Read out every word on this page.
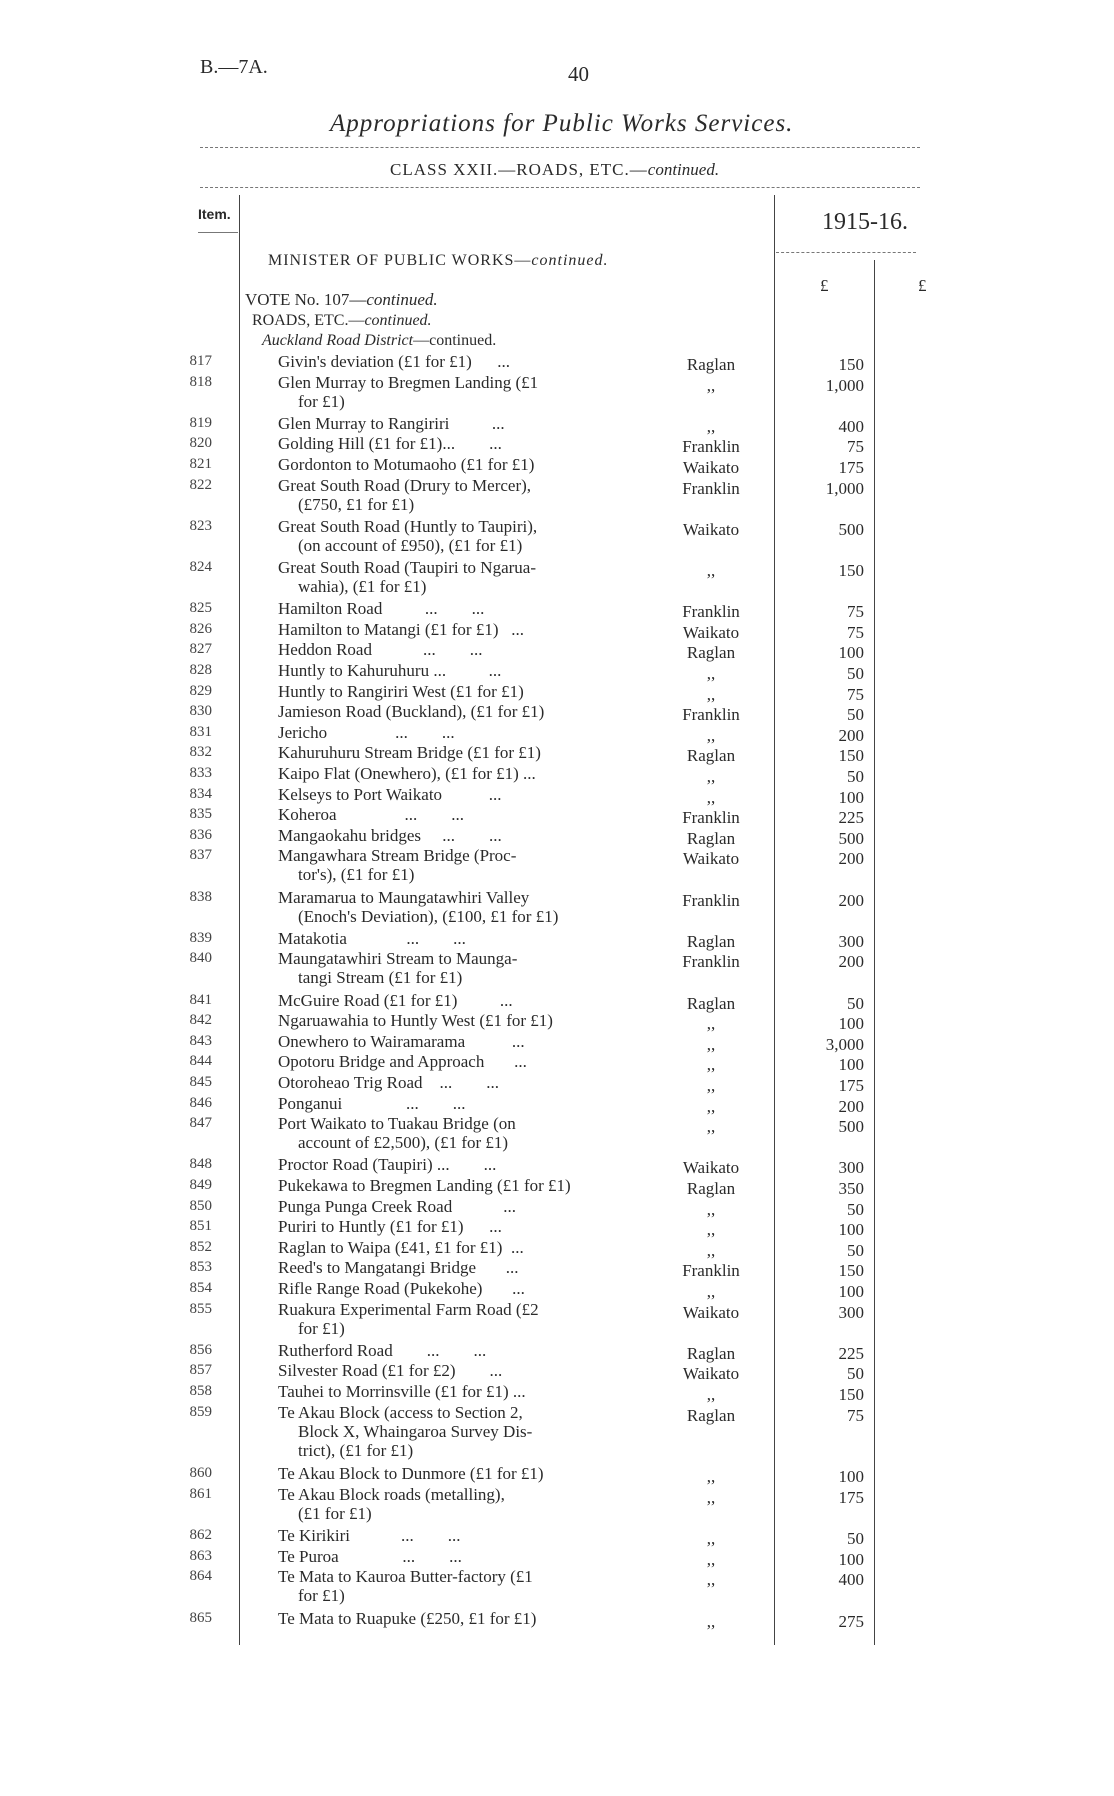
B.—7A.	40
Appropriations for Public Works Services.
CLASS XXII.—ROADS, ETC.—continued.
Item.	1915-16.
£	£
MINISTER OF PUBLIC WORKS—continued.
VOTE No. 107—continued.
ROADS, ETC.—continued.
Auckland Road District—continued.
817	Givin's deviation (£1 for £1)      ...	Raglan	150
818	Glen Murray to Bregmen Landing (£1
for £1)
,,	1,000
819	Glen Murray to Rangiriri          ...	,,	400
820	Golding Hill (£1 for £1)...        ...	Franklin	75
821	Gordonton to Motumaoho (£1 for £1)	Waikato	175
822	Great South Road (Drury to Mercer),
(£750, £1 for £1)
Franklin	1,000
823	Great South Road (Huntly to Taupiri),
(on account of £950), (£1 for £1)
Waikato	500
824	Great South Road (Taupiri to Ngarua-
wahia), (£1 for £1)
,,	150
825	Hamilton Road          ...        ...	Franklin	75
826	Hamilton to Matangi (£1 for £1)   ...	Waikato	75
827	Heddon Road            ...        ...	Raglan	100
828	Huntly to Kahuruhuru ...          ...	,,	50
829	Huntly to Rangiriri West (£1 for £1)	,,	75
830	Jamieson Road (Buckland), (£1 for £1)	Franklin	50
831	Jericho                ...        ...	,,	200
832	Kahuruhuru Stream Bridge (£1 for £1)	Raglan	150
833	Kaipo Flat (Onewhero), (£1 for £1) ...	,,	50
834	Kelseys to Port Waikato           ...	,,	100
835	Koheroa                ...        ...	Franklin	225
836	Mangaokahu bridges     ...        ...	Raglan	500
837	Mangawhara Stream Bridge (Proc-
tor's), (£1 for £1)
Waikato	200
838	Maramarua to Maungatawhiri Valley
(Enoch's Deviation), (£100, £1 for £1)
Franklin	200
839	Matakotia              ...        ...	Raglan	300
840	Maungatawhiri Stream to Maunga-
tangi Stream (£1 for £1)
Franklin	200
841	McGuire Road (£1 for £1)          ...	Raglan	50
842	Ngaruawahia to Huntly West (£1 for £1)	,,	100
843	Onewhero to Wairamarama           ...	,,	3,000
844	Opotoru Bridge and Approach       ...	,,	100
845	Otoroheao Trig Road    ...        ...	,,	175
846	Ponganui               ...        ...	,,	200
847	Port Waikato to Tuakau Bridge (on
account of £2,500), (£1 for £1)
,,	500
848	Proctor Road (Taupiri) ...        ...	Waikato	300
849	Pukekawa to Bregmen Landing (£1 for £1)	Raglan	350
850	Punga Punga Creek Road            ...	,,	50
851	Puriri to Huntly (£1 for £1)      ...	,,	100
852	Raglan to Waipa (£41, £1 for £1)  ...	,,	50
853	Reed's to Mangatangi Bridge       ...	Franklin	150
854	Rifle Range Road (Pukekohe)       ...	,,	100
855	Ruakura Experimental Farm Road (£2
for £1)
Waikato	300
856	Rutherford Road        ...        ...	Raglan	225
857	Silvester Road (£1 for £2)        ...	Waikato	50
858	Tauhei to Morrinsville (£1 for £1) ...	,,	150
859	Te Akau Block (access to Section 2,
Block X, Whaingaroa Survey Dis-
trict), (£1 for £1)
Raglan	75
860	Te Akau Block to Dunmore (£1 for £1)	,,	100
861	Te Akau Block roads (metalling),
(£1 for £1)
,,	175
862	Te Kirikiri            ...        ...	,,	50
863	Te Puroa               ...        ...	,,	100
864	Te Mata to Kauroa Butter-factory (£1
for £1)
,,	400
865	Te Mata to Ruapuke (£250, £1 for £1)	,,	275
